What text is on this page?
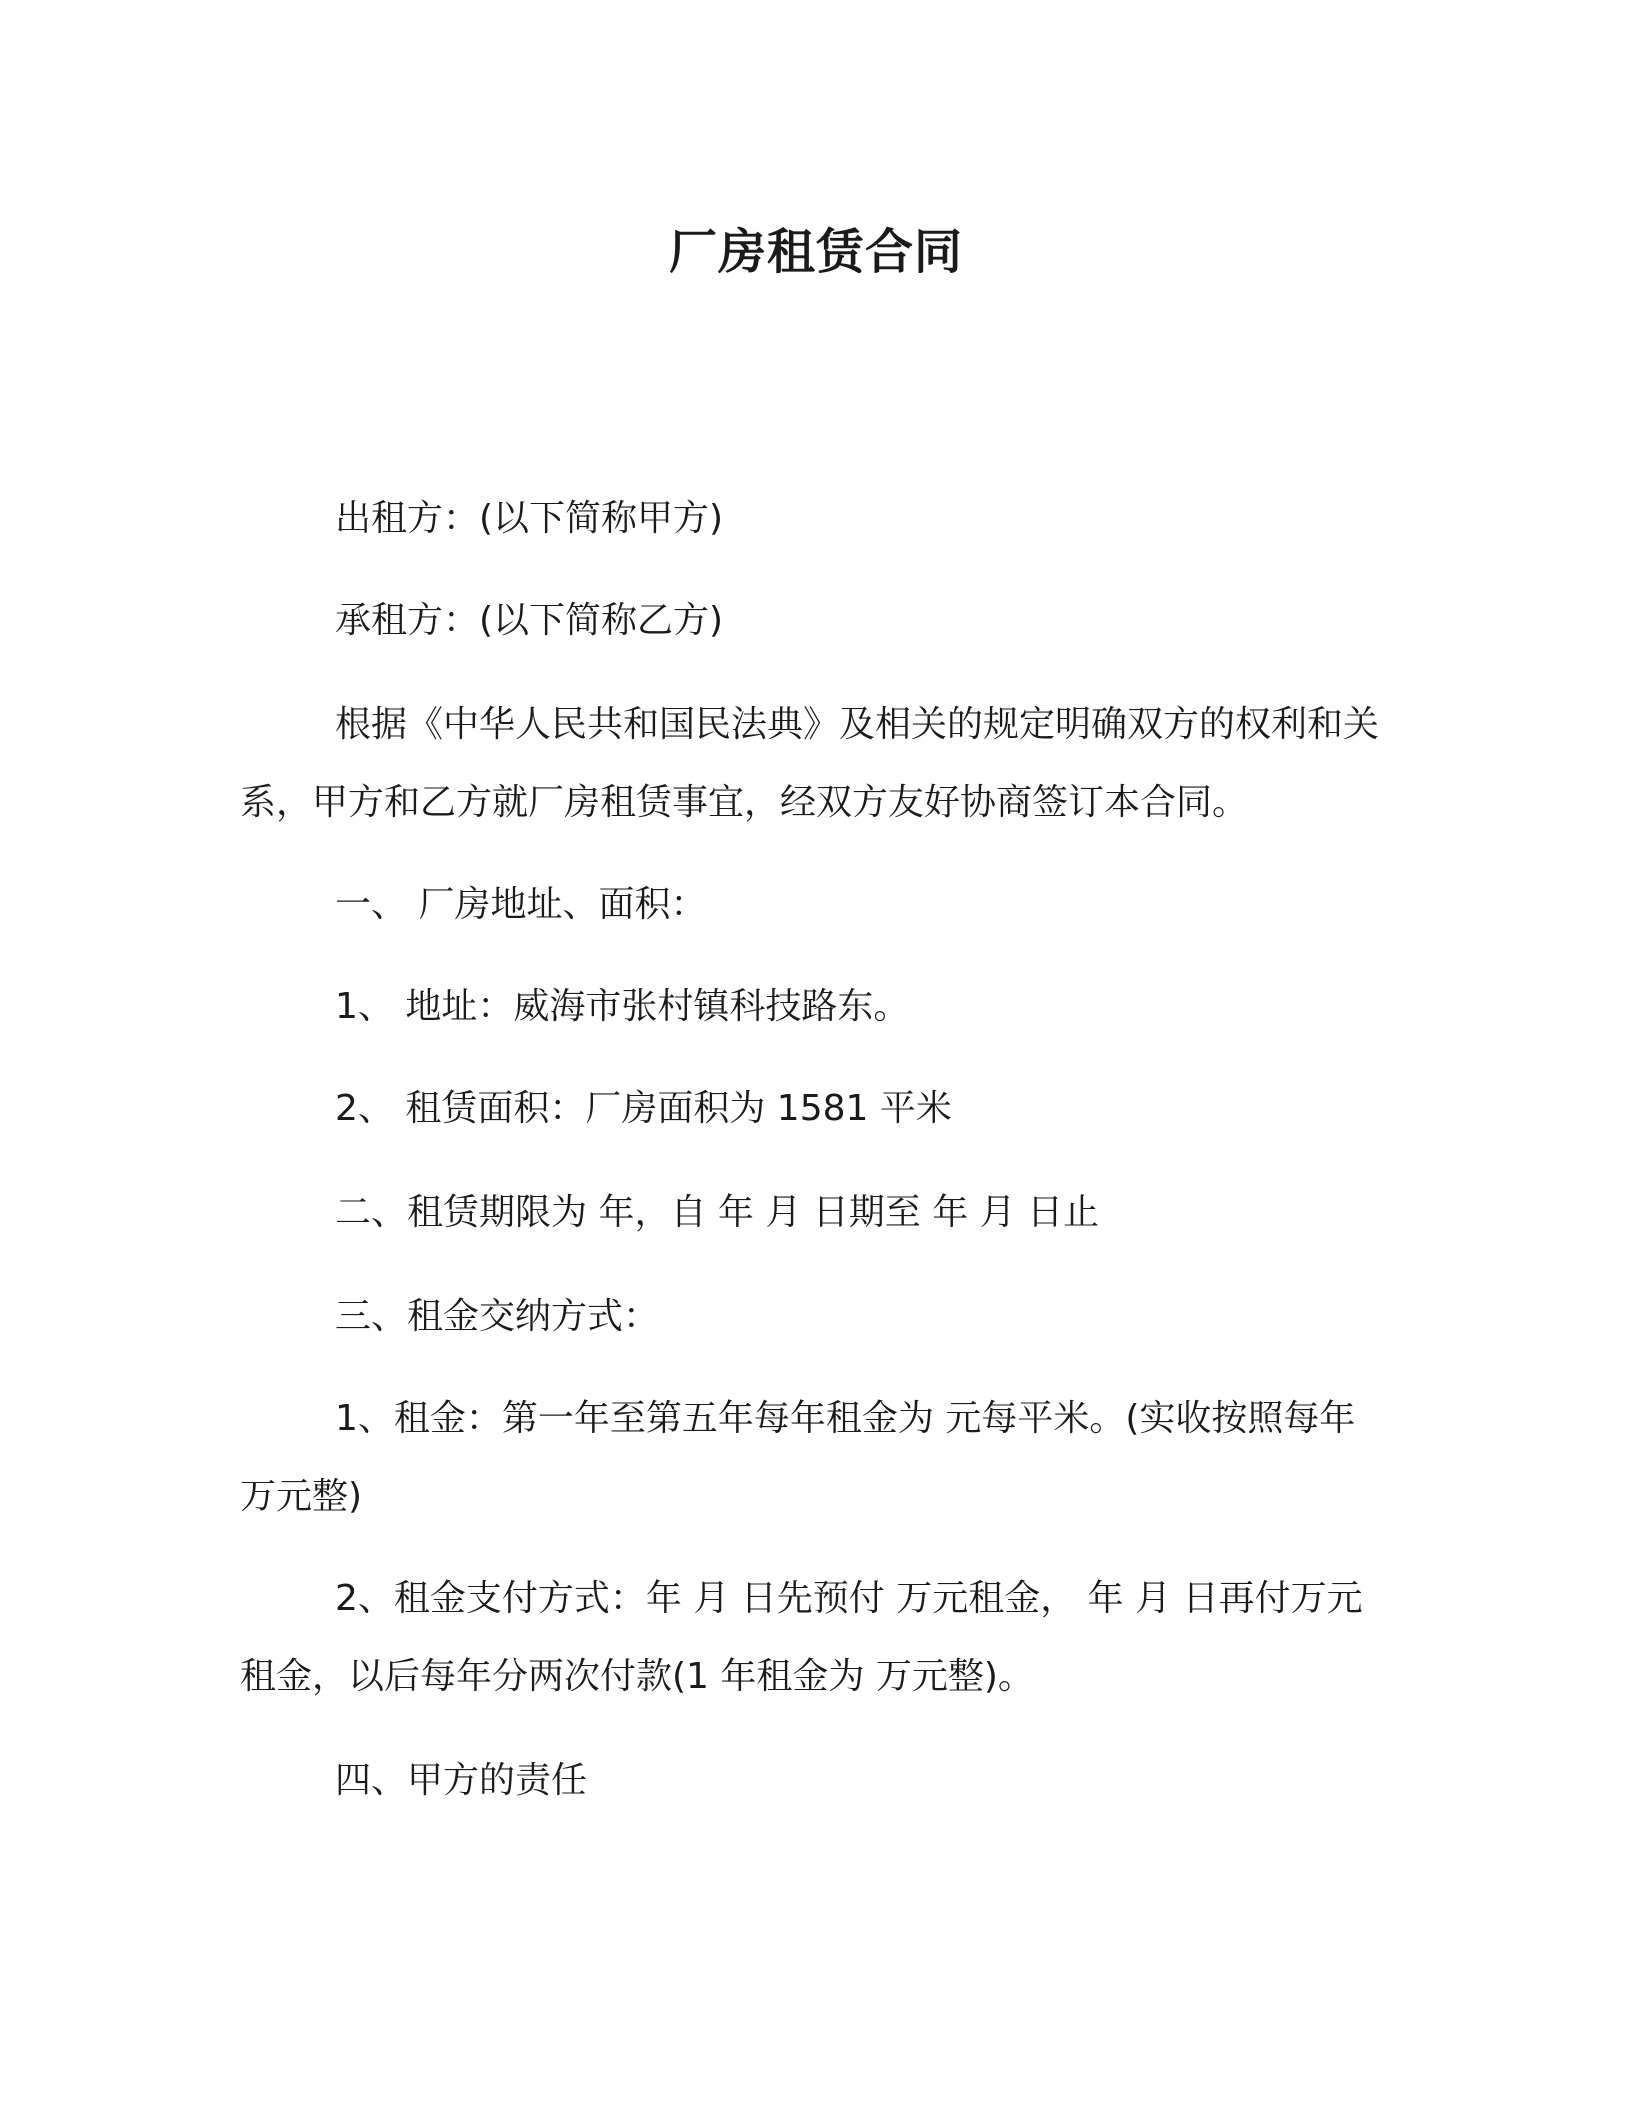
厂房租赁合同
出租方：(以下简称甲方)
承租方：(以下简称乙方)
根据《中华人民共和国民法典》及相关的规定明确双方的权利和关系，甲方和乙方就厂房租赁事宜，经双方友好协商签订本合同。
一、 厂房地址、面积：
1、 地址：威海市张村镇科技路东。
2、 租赁面积：厂房面积为 1581 平米
二、租赁期限为 年，自 年 月 日期至 年 月 日止
三、租金交纳方式：
1、租金：第一年至第五年每年租金为 元每平米。(实收按照每年万元整)
2、租金支付方式：年 月 日先预付 万元租金， 年 月 日再付万元租金，以后每年分两次付款(1 年租金为 万元整)。
四、甲方的责任
